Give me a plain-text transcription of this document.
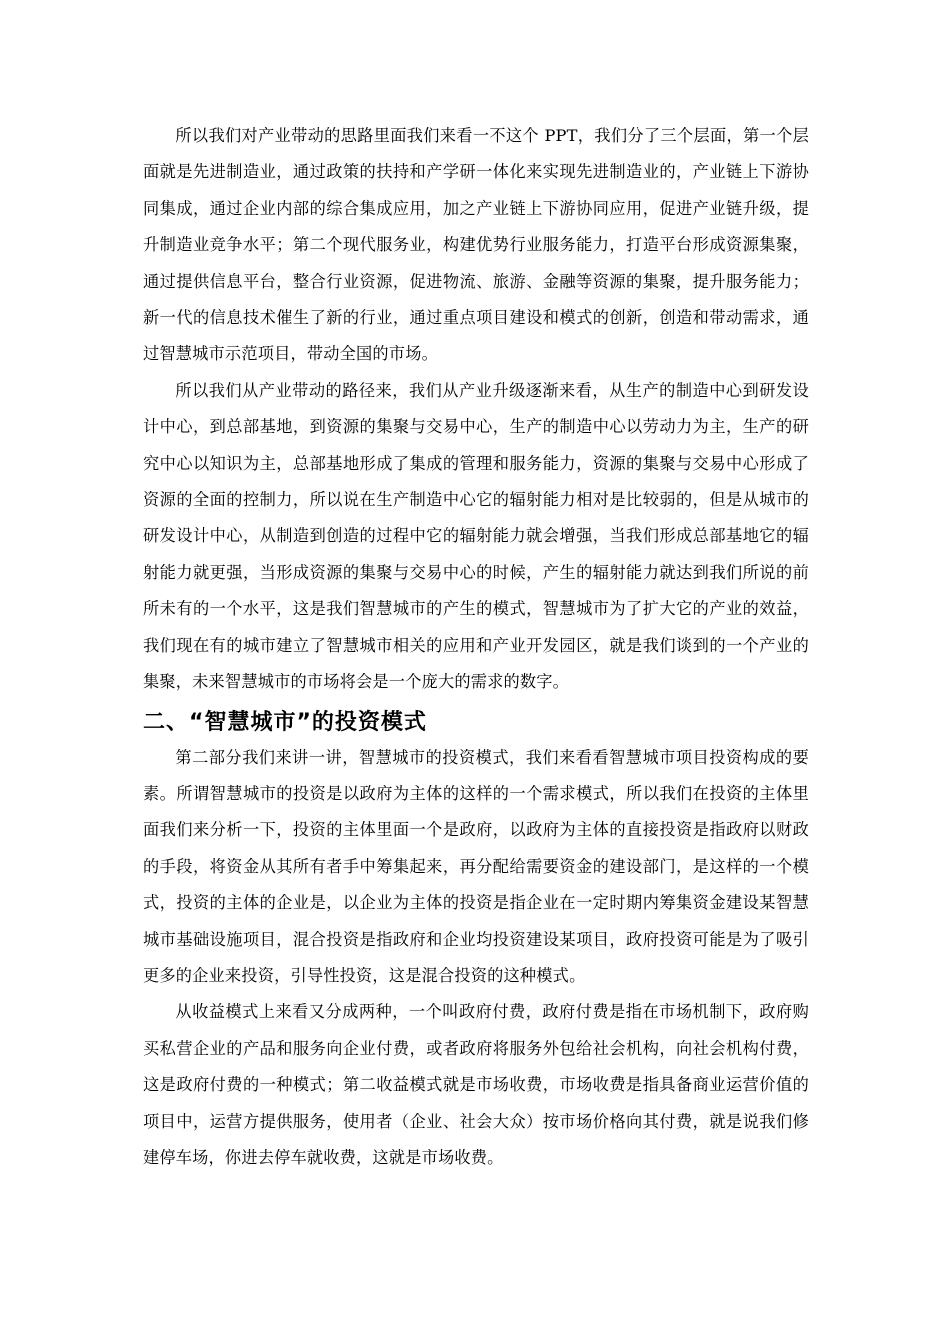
所以我们对产业带动的思路里面我们来看一不这个 PPT，我们分了三个层面，第一个层面就是先进制造业，通过政策的扶持和产学研一体化来实现先进制造业的，产业链上下游协同集成，通过企业内部的综合集成应用，加之产业链上下游协同应用，促进产业链升级，提升制造业竞争水平；第二个现代服务业，构建优势行业服务能力，打造平台形成资源集聚，通过提供信息平台，整合行业资源，促进物流、旅游、金融等资源的集聚，提升服务能力；新一代的信息技术催生了新的行业，通过重点项目建设和模式的创新，创造和带动需求，通过智慧城市示范项目，带动全国的市场。

所以我们从产业带动的路径来，我们从产业升级逐渐来看，从生产的制造中心到研发设计中心，到总部基地，到资源的集聚与交易中心，生产的制造中心以劳动力为主，生产的研究中心以知识为主，总部基地形成了集成的管理和服务能力，资源的集聚与交易中心形成了资源的全面的控制力，所以说在生产制造中心它的辐射能力相对是比较弱的，但是从城市的研发设计中心，从制造到创造的过程中它的辐射能力就会增强，当我们形成总部基地它的辐射能力就更强，当形成资源的集聚与交易中心的时候，产生的辐射能力就达到我们所说的前所未有的一个水平，这是我们智慧城市的产生的模式，智慧城市为了扩大它的产业的效益，我们现在有的城市建立了智慧城市相关的应用和产业开发园区，就是我们谈到的一个产业的集聚，未来智慧城市的市场将会是一个庞大的需求的数字。

二、“智慧城市”的投资模式

第二部分我们来讲一讲，智慧城市的投资模式，我们来看看智慧城市项目投资构成的要素。所谓智慧城市的投资是以政府为主体的这样的一个需求模式，所以我们在投资的主体里面我们来分析一下，投资的主体里面一个是政府，以政府为主体的直接投资是指政府以财政的手段，将资金从其所有者手中筹集起来，再分配给需要资金的建设部门，是这样的一个模式，投资的主体的企业是，以企业为主体的投资是指企业在一定时期内筹集资金建设某智慧城市基础设施项目，混合投资是指政府和企业均投资建设某项目，政府投资可能是为了吸引更多的企业来投资，引导性投资，这是混合投资的这种模式。

从收益模式上来看又分成两种，一个叫政府付费，政府付费是指在市场机制下，政府购买私营企业的产品和服务向企业付费，或者政府将服务外包给社会机构，向社会机构付费，这是政府付费的一种模式；第二收益模式就是市场收费，市场收费是指具备商业运营价值的项目中，运营方提供服务，使用者（企业、社会大众）按市场价格向其付费，就是说我们修建停车场，你进去停车就收费，这就是市场收费。
